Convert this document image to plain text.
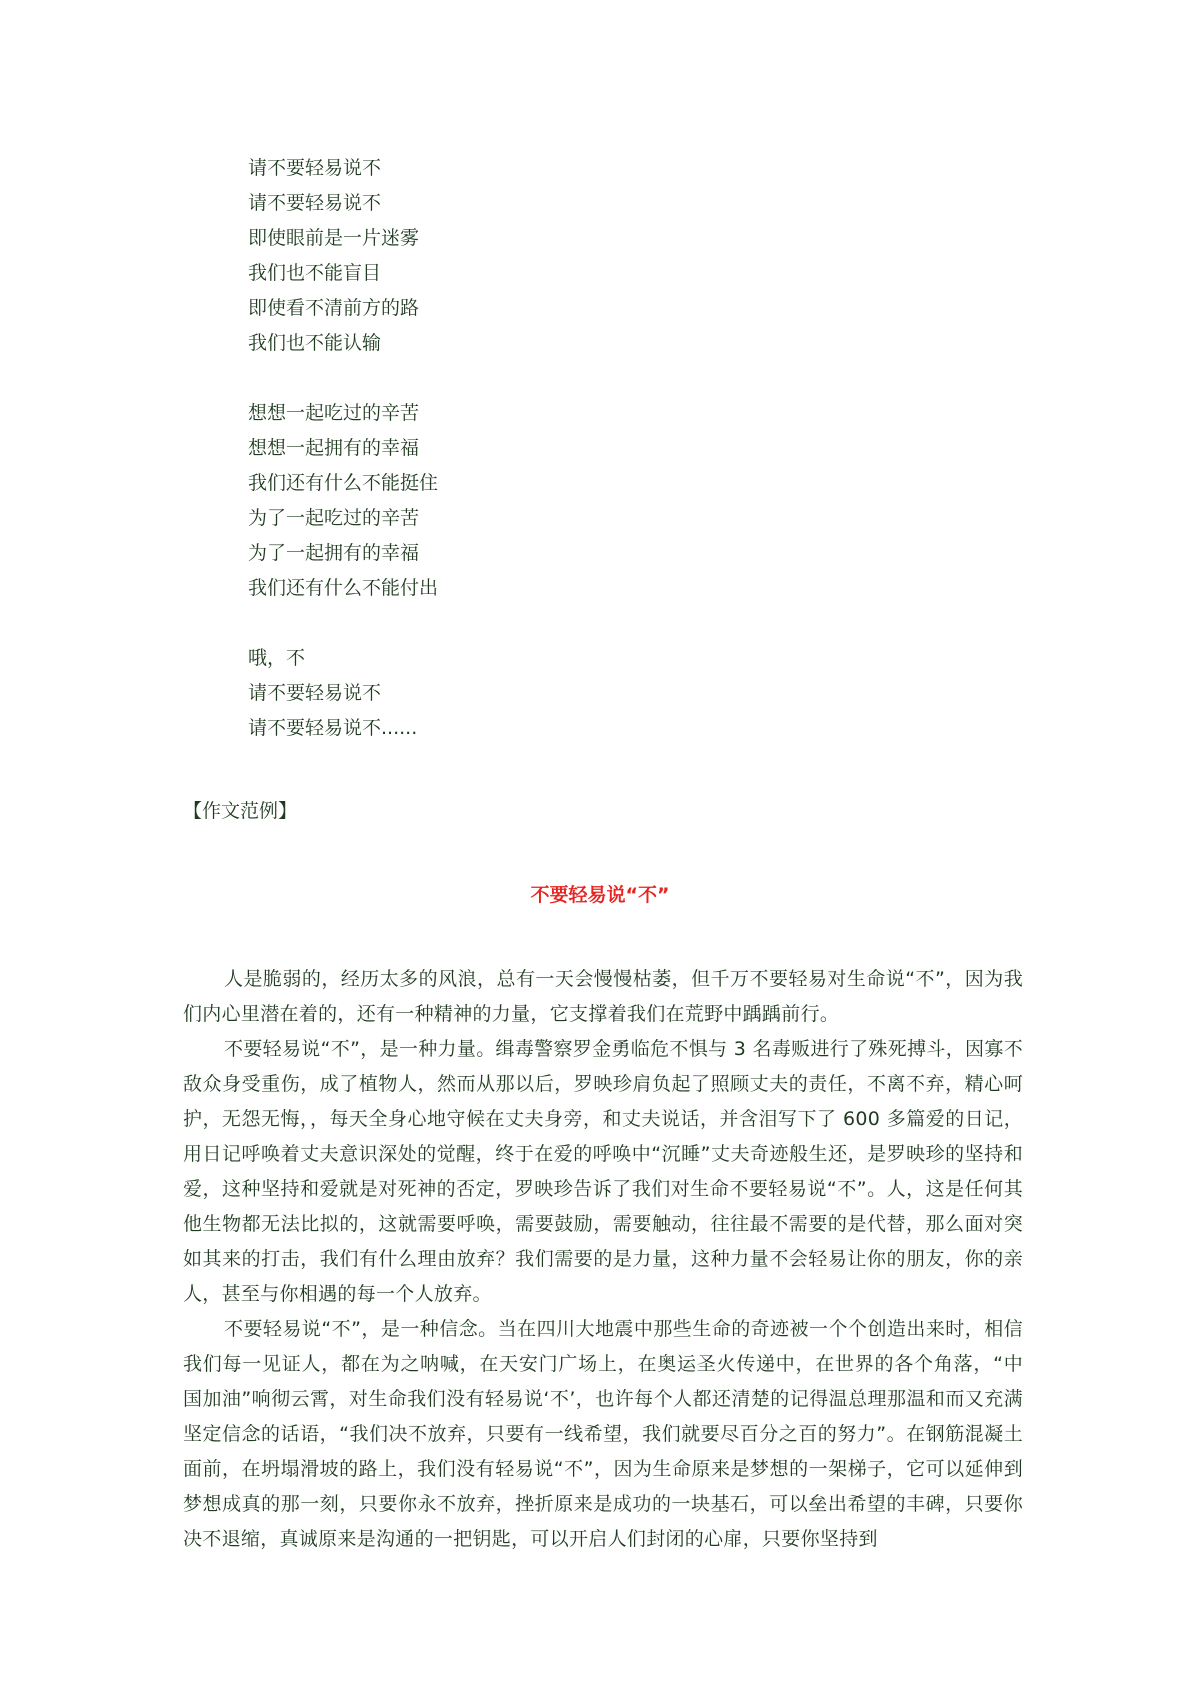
请不要轻易说不
请不要轻易说不
即使眼前是一片迷雾
我们也不能盲目
即使看不清前方的路
我们也不能认输
想想一起吃过的辛苦
想想一起拥有的幸福
我们还有什么不能挺住
为了一起吃过的辛苦
为了一起拥有的幸福
我们还有什么不能付出
哦，不
请不要轻易说不
请不要轻易说不......
【作文范例】
不要轻易说“不”

人是脆弱的，经历太多的风浪，总有一天会慢慢枯萎，但千万不要轻易对生命说“不”，因为我们内心里潜在着的，还有一种精神的力量，它支撑着我们在荒野中踽踽前行。

不要轻易说“不”，是一种力量。缉毒警察罗金勇临危不惧与 3 名毒贩进行了殊死搏斗，因寡不敌众身受重伤，成了植物人，然而从那以后，罗映珍肩负起了照顾丈夫的责任，不离不弃，精心呵护，无怨无悔，，每天全身心地守候在丈夫身旁，和丈夫说话，并含泪写下了 600 多篇爱的日记，用日记呼唤着丈夫意识深处的觉醒，终于在爱的呼唤中“沉睡”丈夫奇迹般生还，是罗映珍的坚持和爱，这种坚持和爱就是对死神的否定，罗映珍告诉了我们对生命不要轻易说“不”。人，这是任何其他生物都无法比拟的，这就需要呼唤，需要鼓励，需要触动，往往最不需要的是代替，那么面对突如其来的打击，我们有什么理由放弃？我们需要的是力量，这种力量不会轻易让你的朋友，你的亲人，甚至与你相遇的每一个人放弃。

不要轻易说“不”，是一种信念。当在四川大地震中那些生命的奇迹被一个个创造出来时，相信我们每一见证人，都在为之呐喊，在天安门广场上，在奥运圣火传递中，在世界的各个角落，“中国加油”响彻云霄，对生命我们没有轻易说‘不’，也许每个人都还清楚的记得温总理那温和而又充满坚定信念的话语，“我们决不放弃，只要有一线希望，我们就要尽百分之百的努力”。在钢筋混凝土面前，在坍塌滑坡的路上，我们没有轻易说“不”，因为生命原来是梦想的一架梯子，它可以延伸到梦想成真的那一刻，只要你永不放弃，挫折原来是成功的一块基石，可以垒出希望的丰碑，只要你决不退缩，真诚原来是沟通的一把钥匙，可以开启人们封闭的心扉，只要你坚持到
